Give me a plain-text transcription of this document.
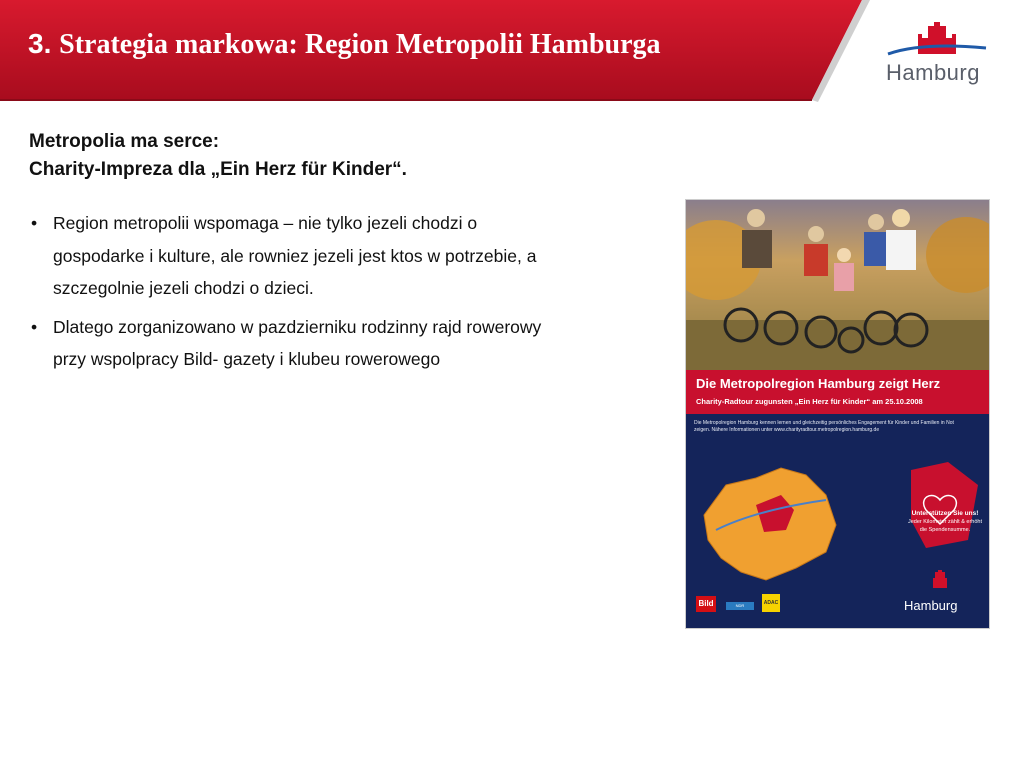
3. Strategia markowa: Region Metropolii Hamburga
Hamburg
Metropolia ma serce:
Charity-Impreza dla „Ein Herz für Kinder“.
• Region metropolii wspomaga – nie tylko jezeli chodzi o gospodarke i kulture, ale rowniez jezeli jest ktos w potrzebie, a szczegolnie jezeli chodzi o dzieci.
• Dlatego zorganizowano w pazdzierniku rodzinny rajd rowerowy przy wspolpracy Bild- gazety i klubeu rowerowego
Die Metropolregion Hamburg zeigt Herz
Charity-Radtour zugunsten „Ein Herz für Kinder“ am 25.10.2008
Die Metropolregion Hamburg kennen lernen und gleichzeitig persönliches Engagement für Kinder und Familien in Not zeigen. Nähere Informationen unter www.charityradtour.metropolregion.hamburg.de
Unterstützen Sie uns!
Jeder Kilometer zählt & erhöht die Spendensumme.
Bild	NDR	ADAC	Hamburg
